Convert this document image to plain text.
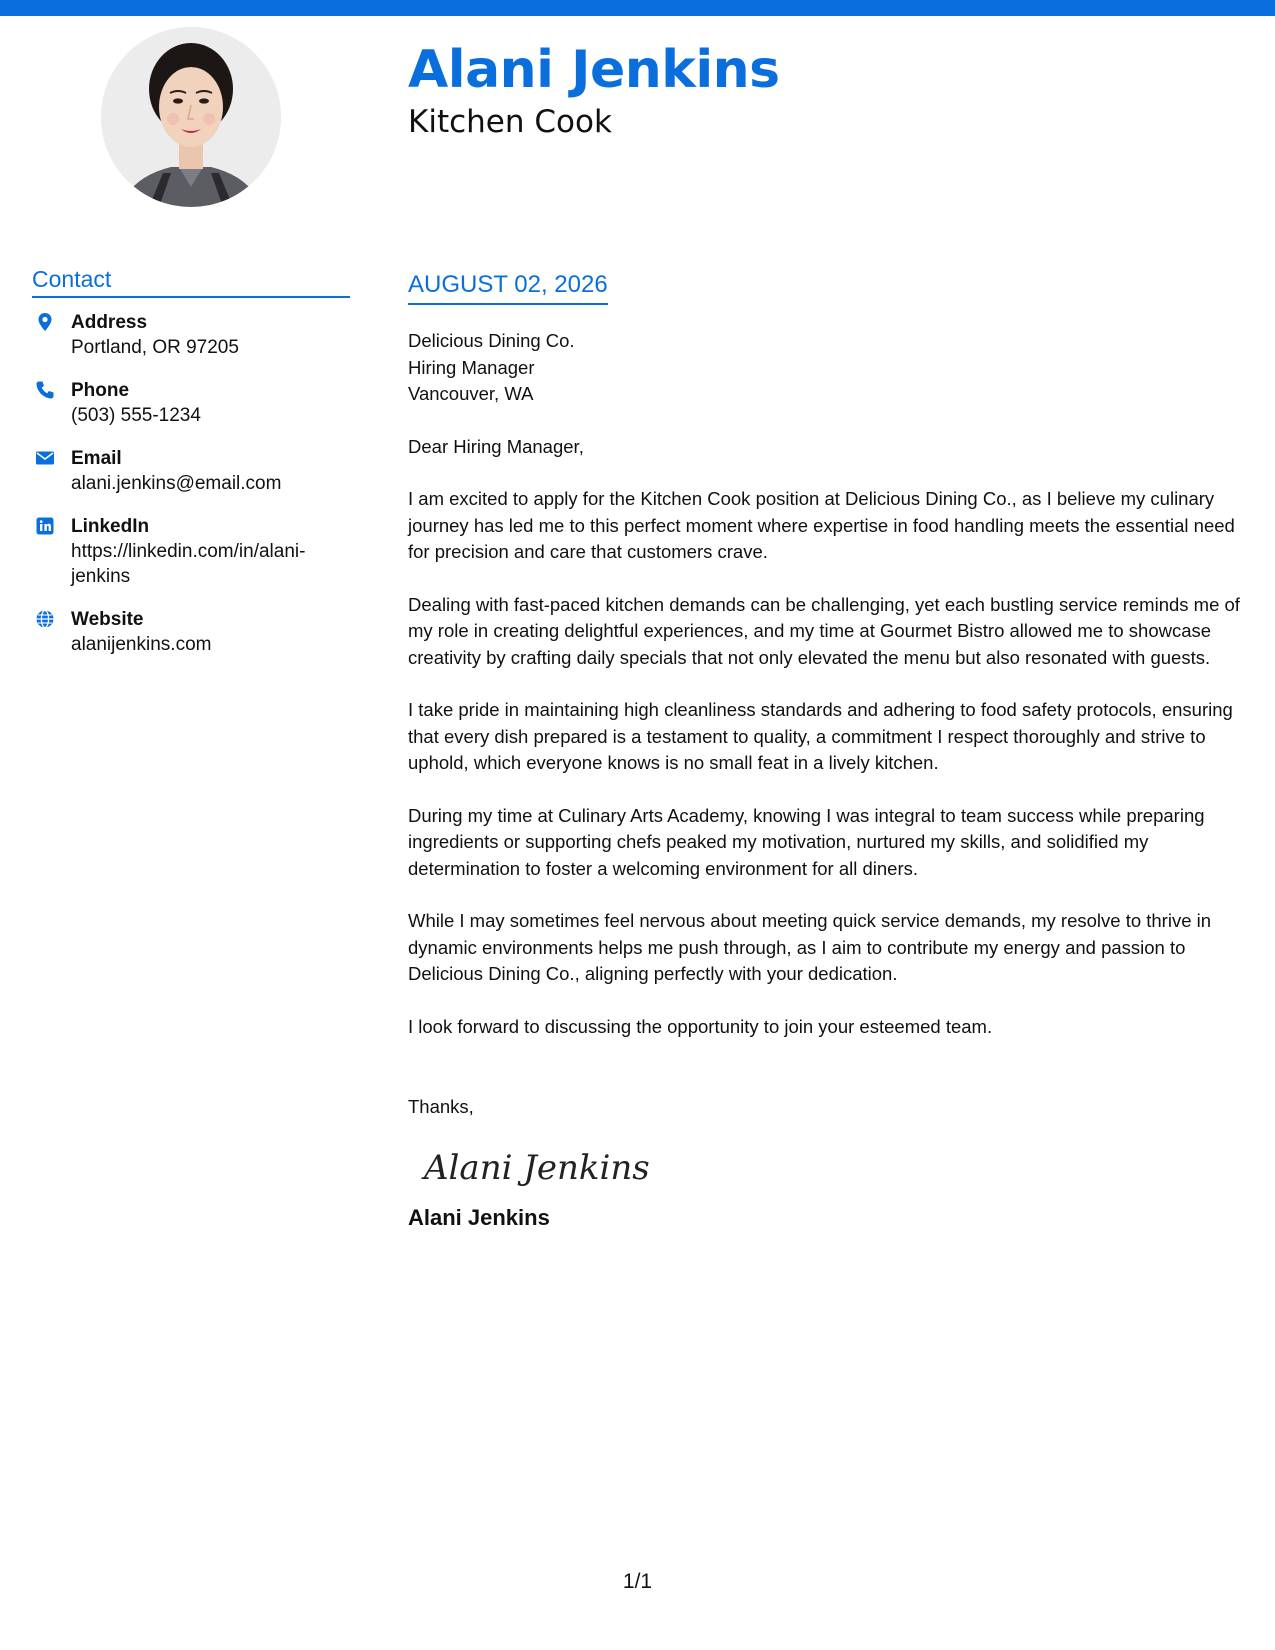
Alani Jenkins
Kitchen Cook
Contact
Address
Portland, OR 97205
Phone
(503) 555-1234
Email
alani.jenkins@email.com
LinkedIn
https://linkedin.com/in/alani-jenkins
Website
alanijenkins.com
AUGUST 02, 2026

Delicious Dining Co.

Hiring Manager

Vancouver, WA

Dear Hiring Manager,

I am excited to apply for the Kitchen Cook position at Delicious Dining Co., as I believe my culinary journey has led me to this perfect moment where expertise in food handling meets the essential need for precision and care that customers crave.

Dealing with fast-paced kitchen demands can be challenging, yet each bustling service reminds me of my role in creating delightful experiences, and my time at Gourmet Bistro allowed me to showcase creativity by crafting daily specials that not only elevated the menu but also resonated with guests.

I take pride in maintaining high cleanliness standards and adhering to food safety protocols, ensuring that every dish prepared is a testament to quality, a commitment I respect thoroughly and strive to uphold, which everyone knows is no small feat in a lively kitchen.

During my time at Culinary Arts Academy, knowing I was integral to team success while preparing ingredients or supporting chefs peaked my motivation, nurtured my skills, and solidified my determination to foster a welcoming environment for all diners.

While I may sometimes feel nervous about meeting quick service demands, my resolve to thrive in dynamic environments helps me push through, as I aim to contribute my energy and passion to Delicious Dining Co., aligning perfectly with your dedication.

I look forward to discussing the opportunity to join your esteemed team.

Thanks,

Alani Jenkins

Alani Jenkins

1/1
